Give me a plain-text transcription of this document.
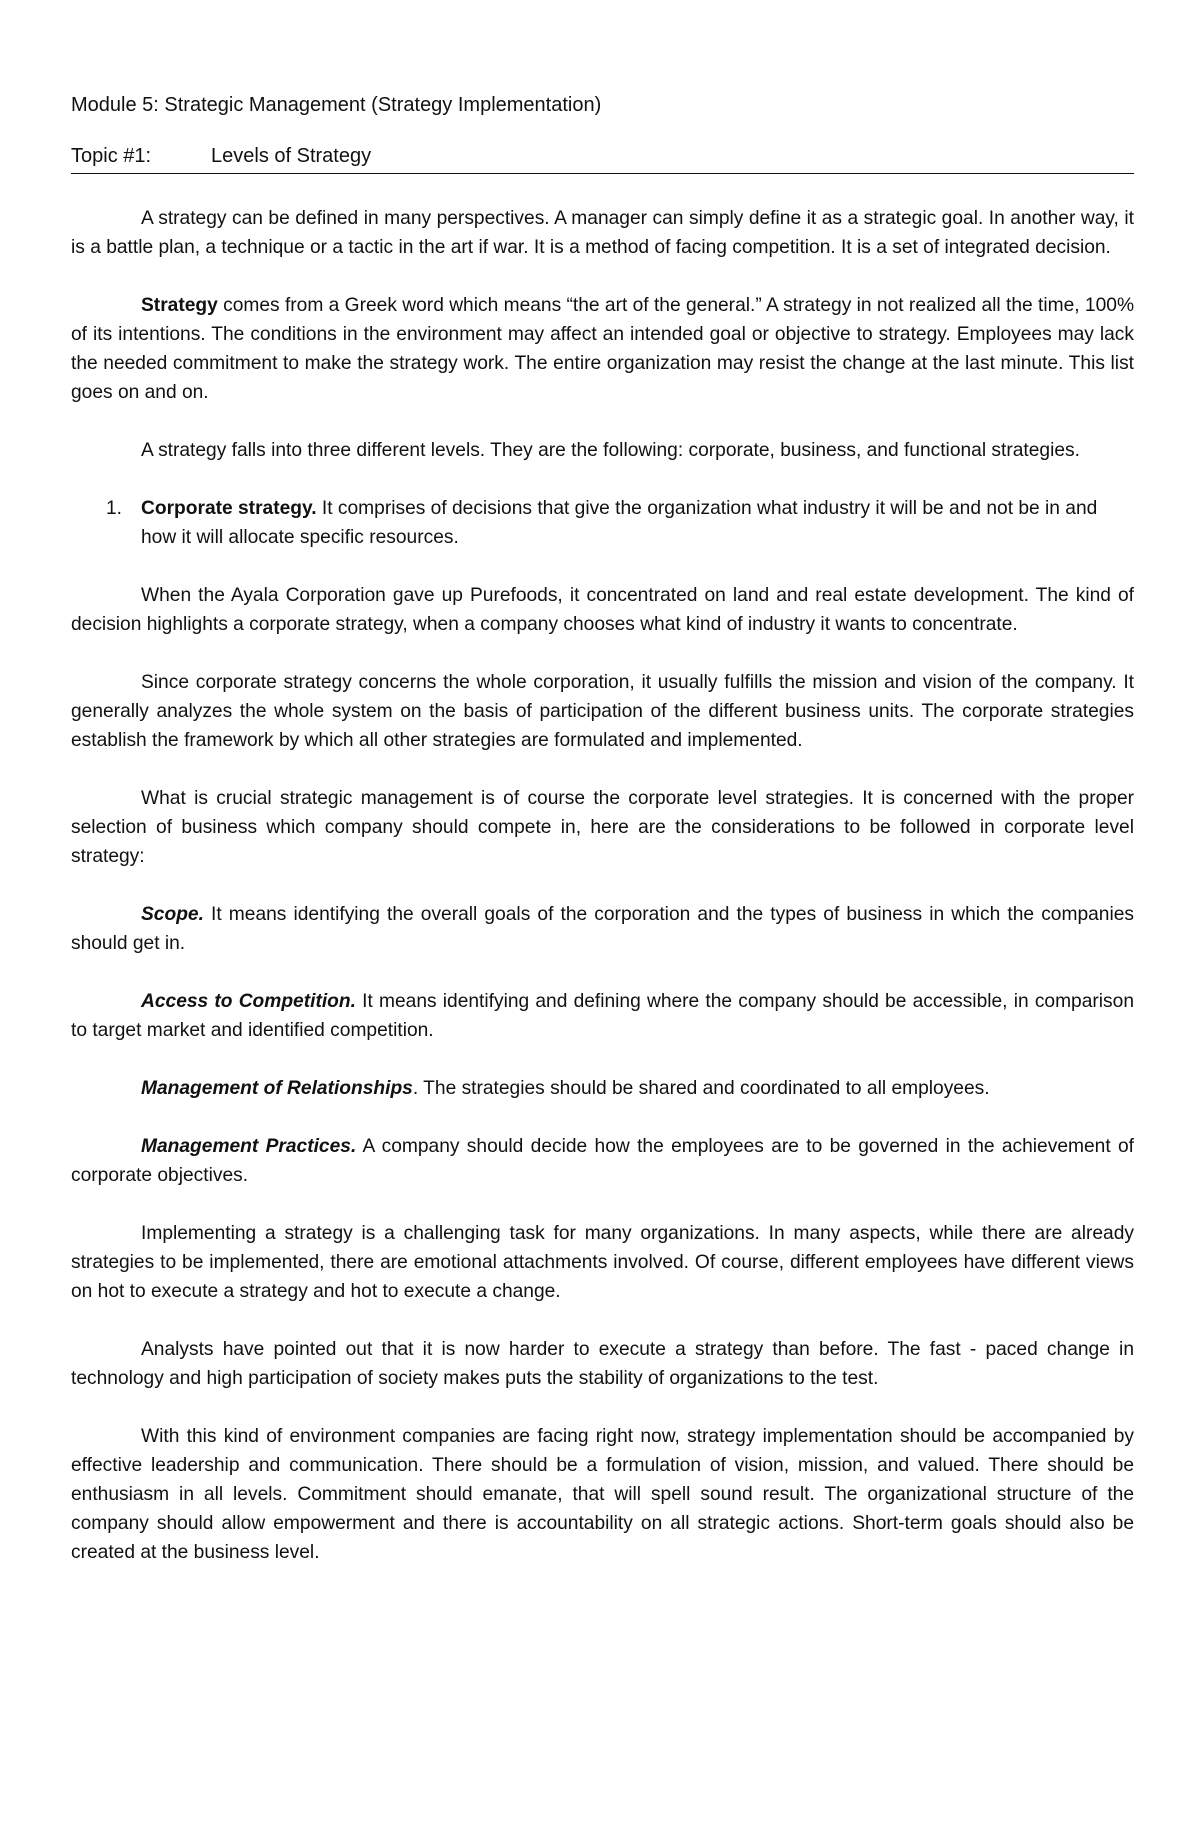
Module 5: Strategic Management (Strategy Implementation)
Topic #1:	Levels of Strategy

A strategy can be defined in many perspectives. A manager can simply define it as a strategic goal. In another way, it is a battle plan, a technique or a tactic in the art if war. It is a method of facing competition. It is a set of integrated decision.

Strategy comes from a Greek word which means “the art of the general.” A strategy in not realized all the time, 100% of its intentions. The conditions in the environment may affect an intended goal or objective to strategy. Employees may lack the needed commitment to make the strategy work. The entire organization may resist the change at the last minute. This list goes on and on.

A strategy falls into three different levels. They are the following: corporate, business, and functional strategies.

1. Corporate strategy. It comprises of decisions that give the organization what industry it will be and not be in and how it will allocate specific resources.

When the Ayala Corporation gave up Purefoods, it concentrated on land and real estate development. The kind of decision highlights a corporate strategy, when a company chooses what kind of industry it wants to concentrate.

Since corporate strategy concerns the whole corporation, it usually fulfills the mission and vision of the company. It generally analyzes the whole system on the basis of participation of the different business units. The corporate strategies establish the framework by which all other strategies are formulated and implemented.

What is crucial strategic management is of course the corporate level strategies. It is concerned with the proper selection of business which company should compete in, here are the considerations to be followed in corporate level strategy:

Scope. It means identifying the overall goals of the corporation and the types of business in which the companies should get in.

Access to Competition. It means identifying and defining where the company should be accessible, in comparison to target market and identified competition.

Management of Relationships. The strategies should be shared and coordinated to all employees.

Management Practices. A company should decide how the employees are to be governed in the achievement of corporate objectives.

Implementing a strategy is a challenging task for many organizations. In many aspects, while there are already strategies to be implemented, there are emotional attachments involved. Of course, different employees have different views on hot to execute a strategy and hot to execute a change.

Analysts have pointed out that it is now harder to execute a strategy than before. The fast - paced change in technology and high participation of society makes puts the stability of organizations to the test.

With this kind of environment companies are facing right now, strategy implementation should be accompanied by effective leadership and communication. There should be a formulation of vision, mission, and valued. There should be enthusiasm in all levels. Commitment should emanate, that will spell sound result. The organizational structure of the company should allow empowerment and there is accountability on all strategic actions. Short-term goals should also be created at the business level.
